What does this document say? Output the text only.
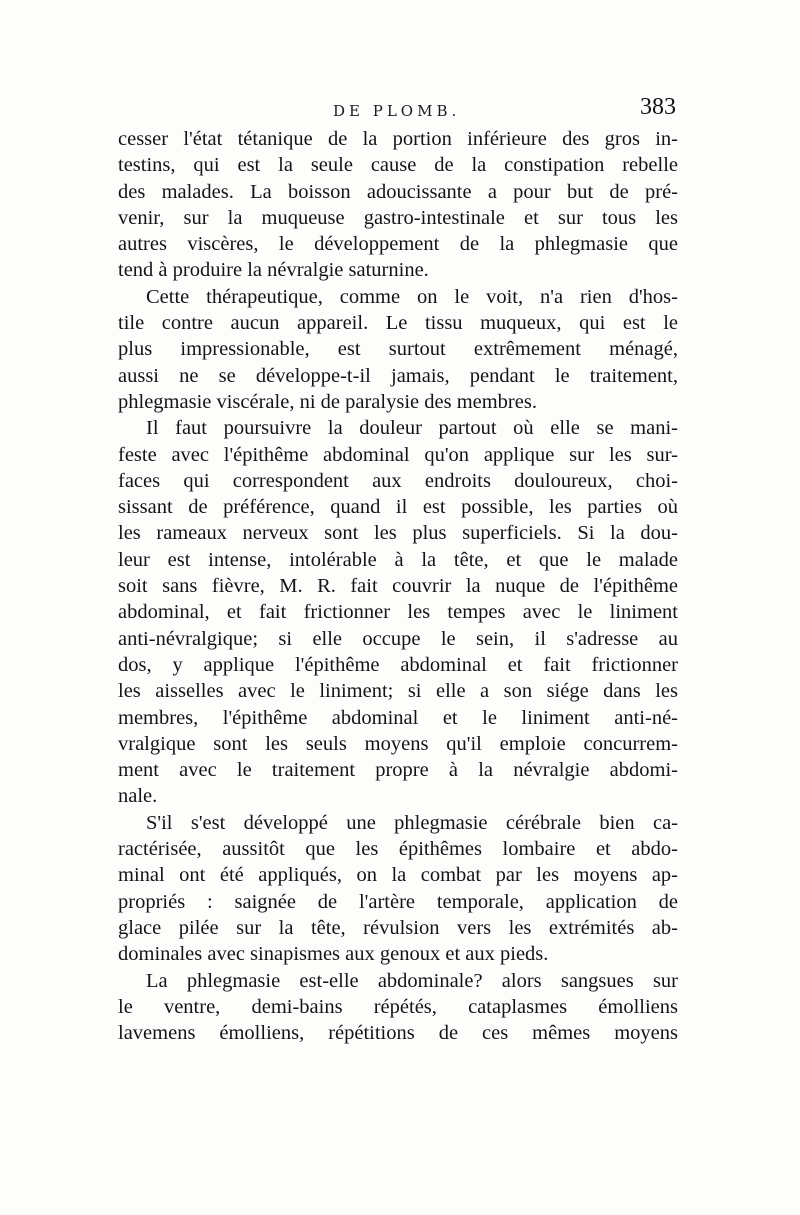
DE PLOMB.	383
cesser l'état tétanique de la portion inférieure des gros in-
testins, qui est la seule cause de la constipation rebelle
des malades. La boisson adoucissante a pour but de pré-
venir, sur la muqueuse gastro-intestinale et sur tous les
autres viscères, le développement de la phlegmasie que
tend à produire la névralgie saturnine.
Cette thérapeutique, comme on le voit, n'a rien d'hos-
tile contre aucun appareil. Le tissu muqueux, qui est le
plus impressionable, est surtout extrêmement ménagé,
aussi ne se développe-t-il jamais, pendant le traitement,
phlegmasie viscérale, ni de paralysie des membres.
Il faut poursuivre la douleur partout où elle se mani-
feste avec l'épithême abdominal qu'on applique sur les sur-
faces qui correspondent aux endroits douloureux, choi-
sissant de préférence, quand il est possible, les parties où
les rameaux nerveux sont les plus superficiels. Si la dou-
leur est intense, intolérable à la tête, et que le malade
soit sans fièvre, M. R. fait couvrir la nuque de l'épithême
abdominal, et fait frictionner les tempes avec le liniment
anti-névralgique; si elle occupe le sein, il s'adresse au
dos, y applique l'épithême abdominal et fait frictionner
les aisselles avec le liniment; si elle a son siége dans les
membres, l'épithême abdominal et le liniment anti-né-
vralgique sont les seuls moyens qu'il emploie concurrem-
ment avec le traitement propre à la névralgie abdomi-
nale.
S'il s'est développé une phlegmasie cérébrale bien ca-
ractérisée, aussitôt que les épithêmes lombaire et abdo-
minal ont été appliqués, on la combat par les moyens ap-
propriés : saignée de l'artère temporale, application de
glace pilée sur la tête, révulsion vers les extrémités ab-
dominales avec sinapismes aux genoux et aux pieds.
La phlegmasie est-elle abdominale? alors sangsues sur
le ventre, demi-bains répétés, cataplasmes émolliens
lavemens émolliens, répétitions de ces mêmes moyens
